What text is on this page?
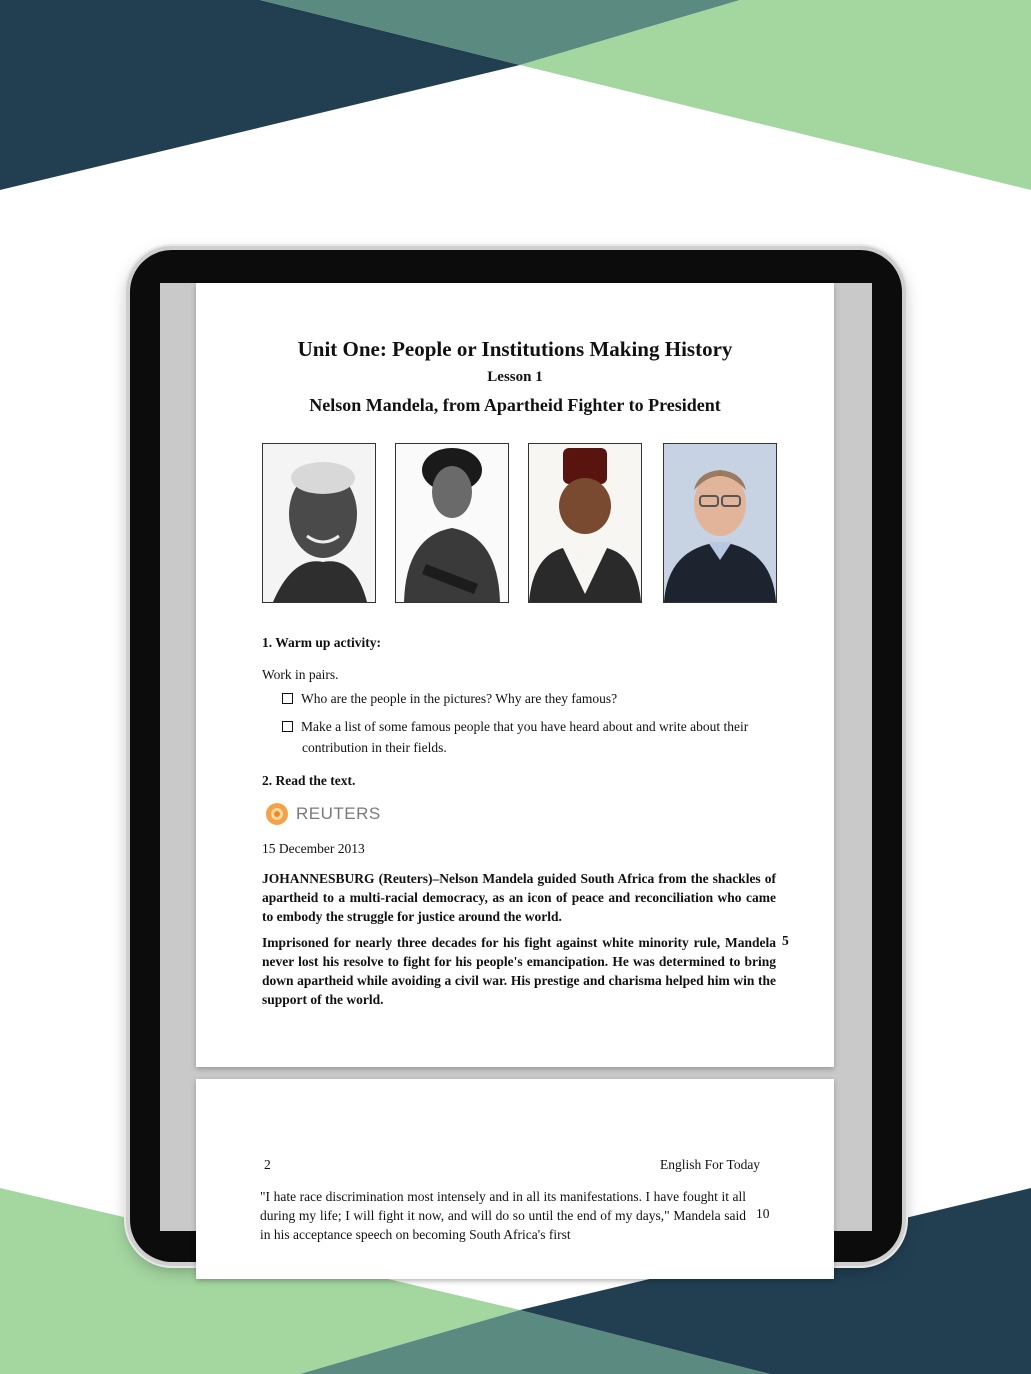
Unit One: People or Institutions Making History
Lesson 1
Nelson Mandela, from Apartheid Fighter to President
1. Warm up activity:
Work in pairs.
Who are the people in the pictures? Why are they famous?
Make a list of some famous people that you have heard about and write about their contribution in their fields.
2. Read the text.
REUTERS
15 December 2013
JOHANNESBURG (Reuters)–Nelson Mandela guided South Africa from the shackles of apartheid to a multi-racial democracy, as an icon of peace and reconciliation who came to embody the struggle for justice around the world.
Imprisoned for nearly three decades for his fight against white minority rule, Mandela never lost his resolve to fight for his people's emancipation. He was determined to bring down apartheid while avoiding a civil war. His prestige and charisma helped him win the support of the world.
5
2	English For Today
"I hate race discrimination most intensely and in all its manifestations. I have fought it all during my life; I will fight it now, and will do so until the end of my days," Mandela said in his acceptance speech on becoming South Africa's first
10
